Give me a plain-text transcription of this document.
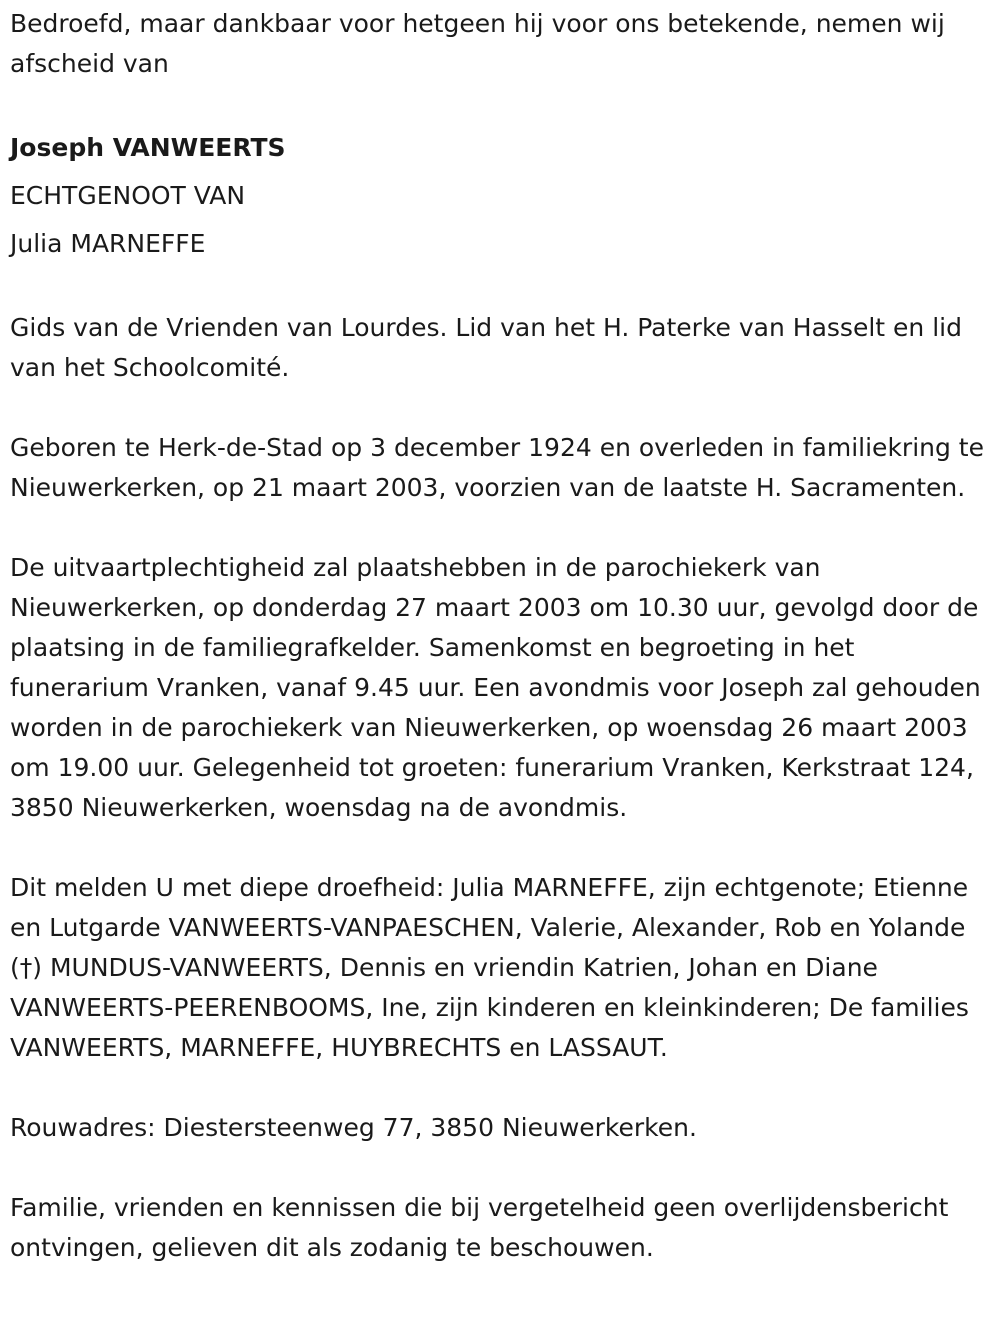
Bedroefd, maar dankbaar voor hetgeen hij voor ons betekende, nemen wij afscheid van

Joseph VANWEERTS

ECHTGENOOT VAN

Julia MARNEFFE

Gids van de Vrienden van Lourdes. Lid van het H. Paterke van Hasselt en lid van het Schoolcomité.

Geboren te Herk-de-Stad op 3 december 1924 en overleden in familiekring te Nieuwerkerken, op 21 maart 2003, voorzien van de laatste H. Sacramenten.

De uitvaartplechtigheid zal plaatshebben in de parochiekerk van Nieuwerkerken, op donderdag 27 maart 2003 om 10.30 uur, gevolgd door de plaatsing in de familiegrafkelder. Samenkomst en begroeting in het funerarium Vranken, vanaf 9.45 uur. Een avondmis voor Joseph zal gehouden worden in de parochiekerk van Nieuwerkerken, op woensdag 26 maart 2003 om 19.00 uur. Gelegenheid tot groeten: funerarium Vranken, Kerkstraat 124, 3850 Nieuwerkerken, woensdag na de avondmis.

Dit melden U met diepe droefheid: Julia MARNEFFE, zijn echtgenote; Etienne en Lutgarde VANWEERTS-VANPAESCHEN, Valerie, Alexander, Rob en Yolande (†) MUNDUS-VANWEERTS, Dennis en vriendin Katrien, Johan en Diane VANWEERTS-PEERENBOOMS, Ine, zijn kinderen en kleinkinderen; De families VANWEERTS, MARNEFFE, HUYBRECHTS en LASSAUT.

Rouwadres: Diestersteenweg 77, 3850 Nieuwerkerken.

Familie, vrienden en kennissen die bij vergetelheid geen overlijdensbericht ontvingen, gelieven dit als zodanig te beschouwen.
